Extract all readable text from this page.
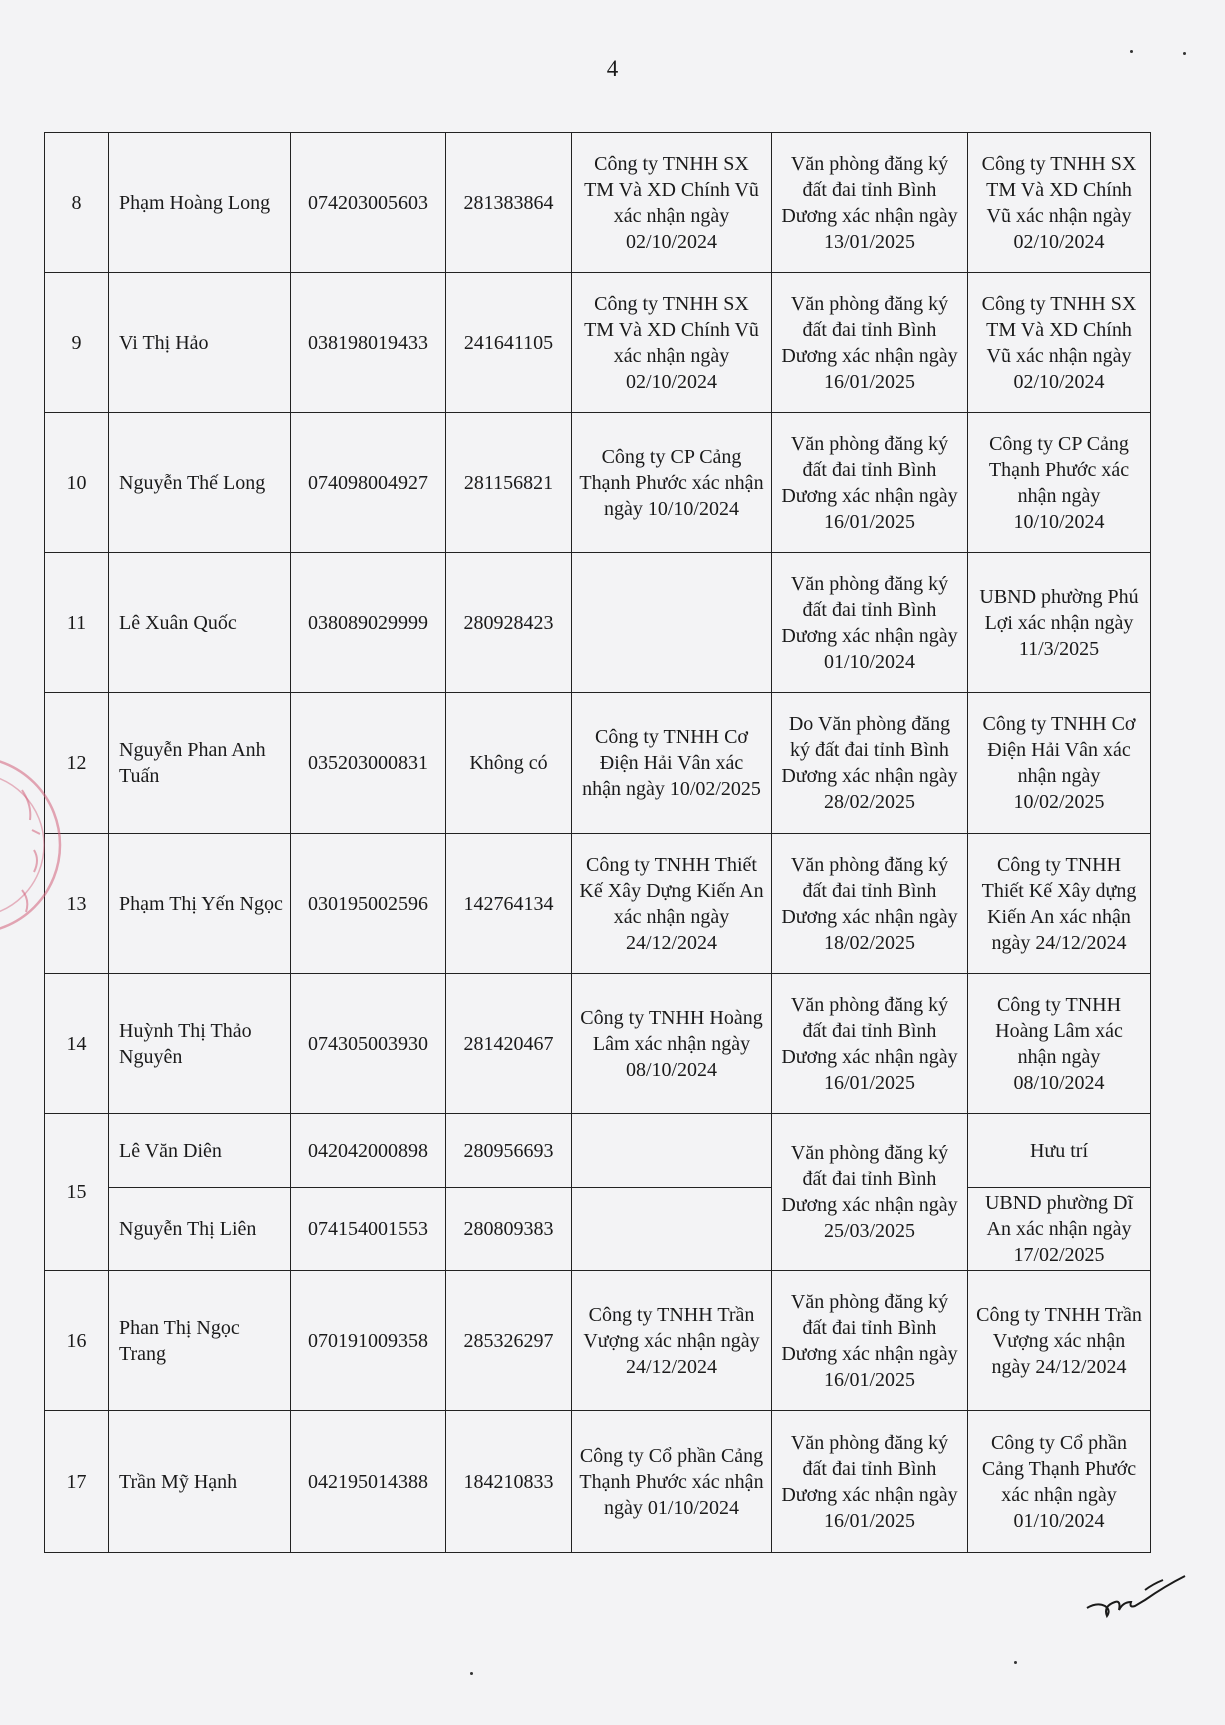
4
8	Phạm Hoàng Long	074203005603	281383864	Công ty TNHH SX TM Và XD Chính Vũ xác nhận ngày 02/10/2024	Văn phòng đăng ký đất đai tỉnh Bình Dương xác nhận ngày 13/01/2025	Công ty TNHH SX TM Và XD Chính Vũ xác nhận ngày 02/10/2024
9	Vi Thị Hảo	038198019433	241641105	Công ty TNHH SX TM Và XD Chính Vũ xác nhận ngày 02/10/2024	Văn phòng đăng ký đất đai tỉnh Bình Dương xác nhận ngày 16/01/2025	Công ty TNHH SX TM Và XD Chính Vũ xác nhận ngày 02/10/2024
10	Nguyễn Thế Long	074098004927	281156821	Công ty CP Cảng Thạnh Phước xác nhận ngày 10/10/2024	Văn phòng đăng ký đất đai tỉnh Bình Dương xác nhận ngày 16/01/2025	Công ty CP Cảng Thạnh Phước xác nhận ngày 10/10/2024
11	Lê Xuân Quốc	038089029999	280928423		Văn phòng đăng ký đất đai tỉnh Bình Dương xác nhận ngày 01/10/2024	UBND phường Phú Lợi xác nhận ngày 11/3/2025
12	Nguyễn Phan Anh Tuấn	035203000831	Không có	Công ty TNHH Cơ Điện Hải Vân xác nhận ngày 10/02/2025	Do Văn phòng đăng ký đất đai tỉnh Bình Dương xác nhận ngày 28/02/2025	Công ty TNHH Cơ Điện Hải Vân xác nhận ngày 10/02/2025
13	Phạm Thị Yến Ngọc	030195002596	142764134	Công ty TNHH Thiết Kế Xây Dựng Kiến An xác nhận ngày 24/12/2024	Văn phòng đăng ký đất đai tỉnh Bình Dương xác nhận ngày 18/02/2025	Công ty TNHH Thiết Kế Xây dựng Kiến An xác nhận ngày 24/12/2024
14	Huỳnh Thị Thảo Nguyên	074305003930	281420467	Công ty TNHH Hoàng Lâm xác nhận ngày 08/10/2024	Văn phòng đăng ký đất đai tỉnh Bình Dương xác nhận ngày 16/01/2025	Công ty TNHH Hoàng Lâm xác nhận ngày 08/10/2024
15	Lê Văn Diên	042042000898	280956693		Văn phòng đăng ký đất đai tỉnh Bình Dương xác nhận ngày 25/03/2025	Hưu trí
	Nguyễn Thị Liên	074154001553	280809383			UBND phường Dĩ An xác nhận ngày 17/02/2025
16	Phan Thị Ngọc Trang	070191009358	285326297	Công ty TNHH Trần Vượng xác nhận ngày 24/12/2024	Văn phòng đăng ký đất đai tỉnh Bình Dương xác nhận ngày 16/01/2025	Công ty TNHH Trần Vượng xác nhận ngày 24/12/2024
17	Trần Mỹ Hạnh	042195014388	184210833	Công ty Cổ phần Cảng Thạnh Phước xác nhận ngày 01/10/2024	Văn phòng đăng ký đất đai tỉnh Bình Dương xác nhận ngày 16/01/2025	Công ty Cổ phần Cảng Thạnh Phước xác nhận ngày 01/10/2024
